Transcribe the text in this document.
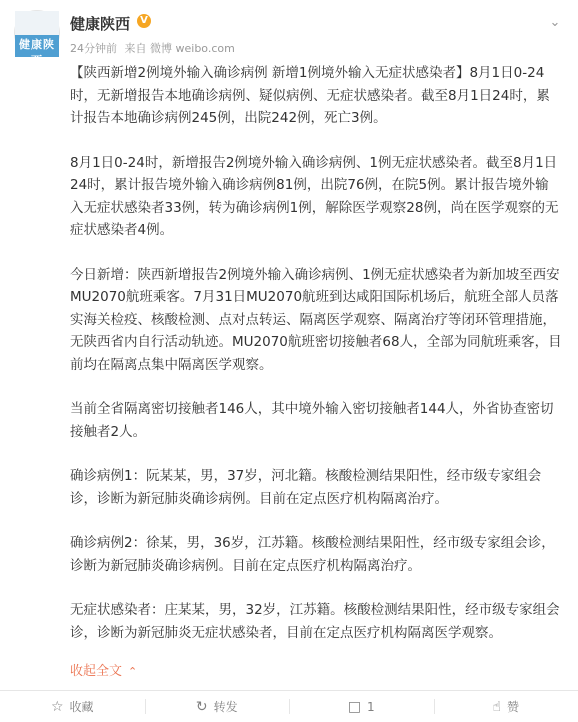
健康陕西
健康陕西	V
24分钟前 来自 微博 weibo.com
⌄

【陕西新增2例境外输入确诊病例 新增1例境外输入无症状感染者】8月1日0-24时，无新增报告本地确诊病例、疑似病例、无症状感染者。截至8月1日24时，累计报告本地确诊病例245例，出院242例，死亡3例。

8月1日0-24时，新增报告2例境外输入确诊病例、1例无症状感染者。截至8月1日24时，累计报告境外输入确诊病例81例，出院76例，在院5例。累计报告境外输入无症状感染者33例，转为确诊病例1例，解除医学观察28例，尚在医学观察的无症状感染者4例。

今日新增：陕西新增报告2例境外输入确诊病例、1例无症状感染者为新加坡至西安MU2070航班乘客。7月31日MU2070航班到达咸阳国际机场后，航班全部人员落实海关检疫、核酸检测、点对点转运、隔离医学观察、隔离治疗等闭环管理措施，无陕西省内自行活动轨迹。MU2070航班密切接触者68人，全部为同航班乘客，目前均在隔离点集中隔离医学观察。

当前全省隔离密切接触者146人，其中境外输入密切接触者144人，外省协查密切接触者2人。

确诊病例1：阮某某，男，37岁，河北籍。核酸检测结果阳性，经市级专家组会诊，诊断为新冠肺炎确诊病例。目前在定点医疗机构隔离治疗。

确诊病例2：徐某，男，36岁，江苏籍。核酸检测结果阳性，经市级专家组会诊，诊断为新冠肺炎确诊病例。目前在定点医疗机构隔离治疗。

无症状感染者：庄某某，男，32岁，江苏籍。核酸检测结果阳性，经市级专家组会诊，诊断为新冠肺炎无症状感染者，目前在定点医疗机构隔离医学观察。

收起全文 ⌃
☆ 收藏	↻ 转发	□ 1	☝ 赞
